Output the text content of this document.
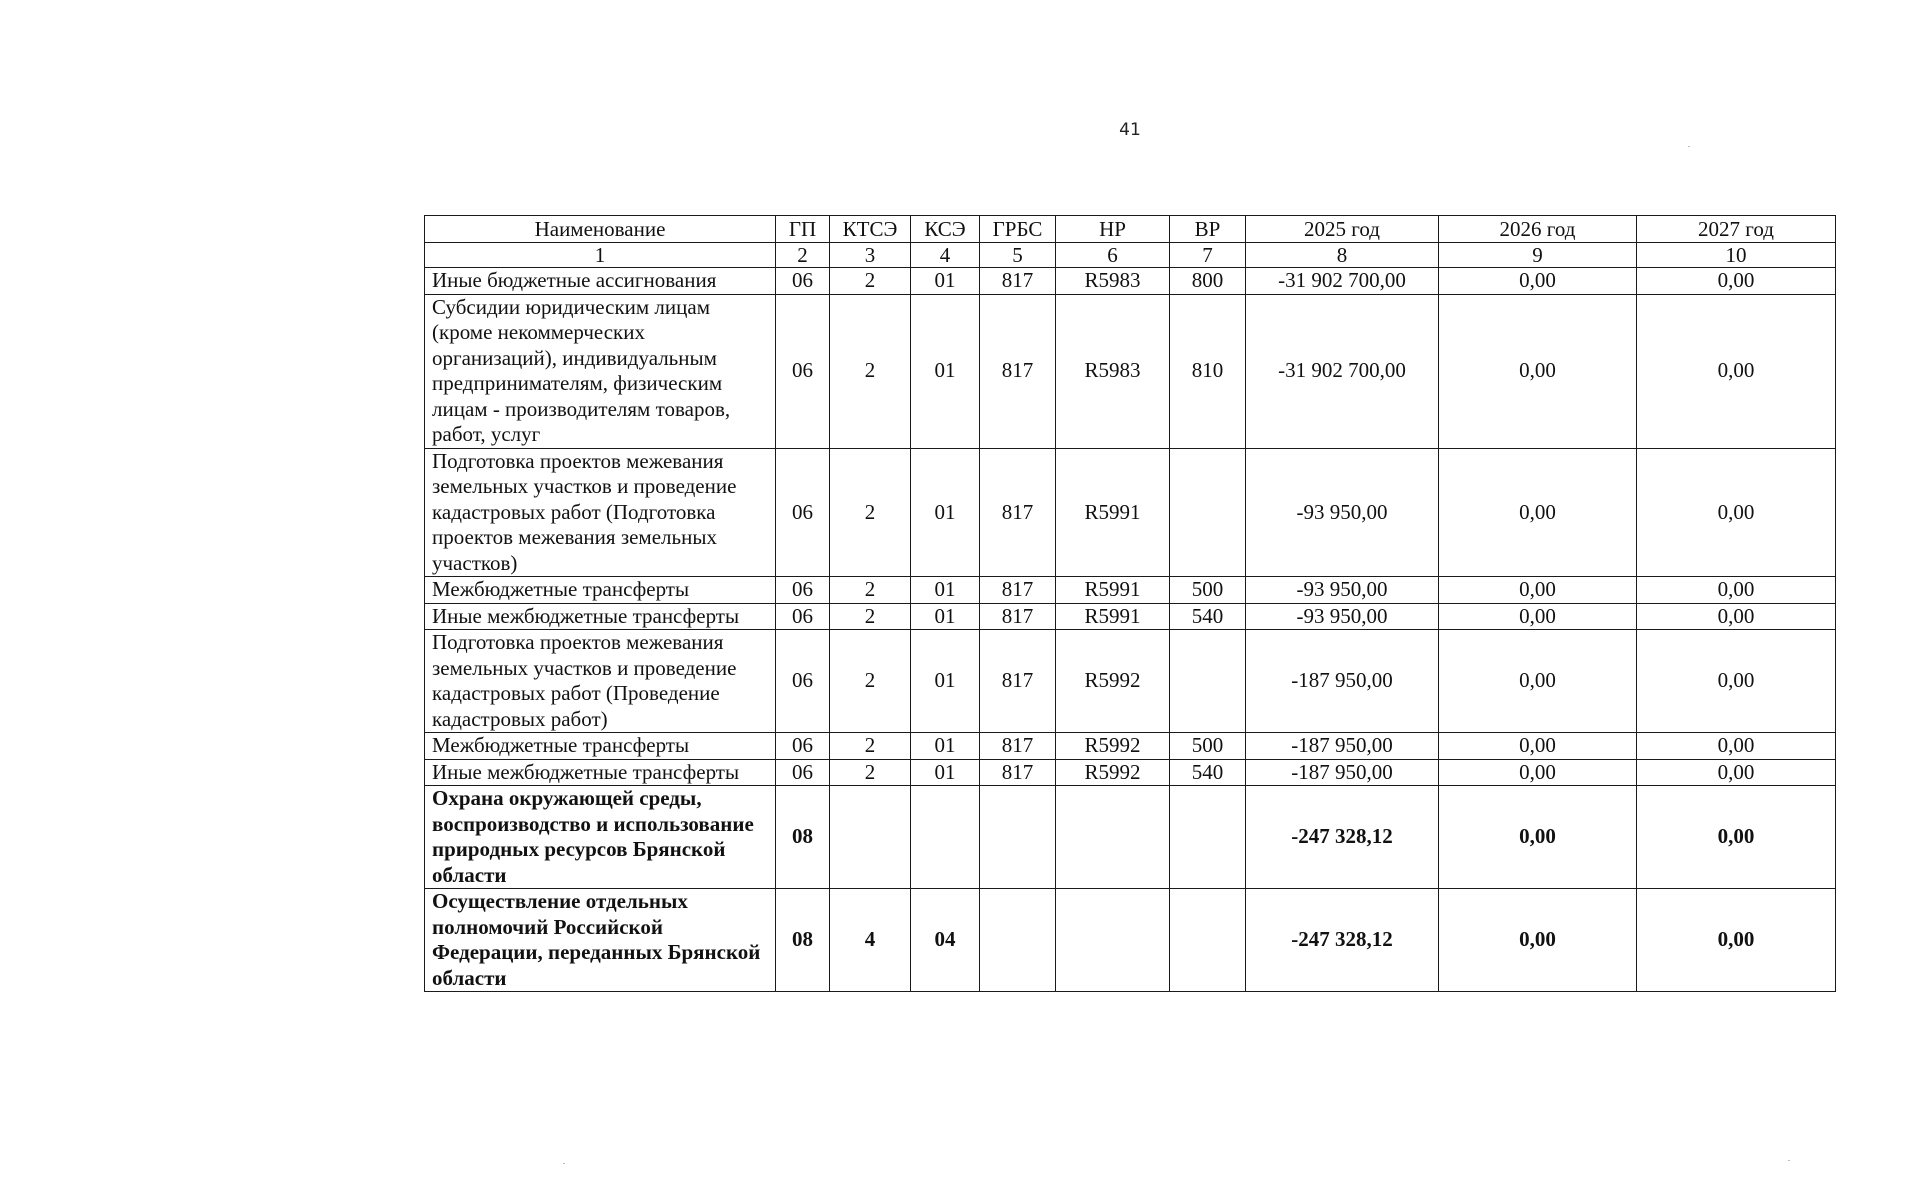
41
Наименование	ГП	КТСЭ	КСЭ	ГРБС	НР	ВР	2025 год	2026 год	2027 год
1	2	3	4	5	6	7	8	9	10
Иные бюджетные ассигнования	06	2	01	817	R5983	800	-31 902 700,00	0,00	0,00
Субсидии юридическим лицам (кроме некоммерческих организаций), индивидуальным предпринимателям, физическим лицам - производителям товаров, работ, услуг	06	2	01	817	R5983	810	-31 902 700,00	0,00	0,00
Подготовка проектов межевания земельных участков и проведение кадастровых работ (Подготовка проектов межевания земельных участков)	06	2	01	817	R5991		-93 950,00	0,00	0,00
Межбюджетные трансферты	06	2	01	817	R5991	500	-93 950,00	0,00	0,00
Иные межбюджетные трансферты	06	2	01	817	R5991	540	-93 950,00	0,00	0,00
Подготовка проектов межевания земельных участков и проведение кадастровых работ (Проведение кадастровых работ)	06	2	01	817	R5992		-187 950,00	0,00	0,00
Межбюджетные трансферты	06	2	01	817	R5992	500	-187 950,00	0,00	0,00
Иные межбюджетные трансферты	06	2	01	817	R5992	540	-187 950,00	0,00	0,00
Охрана окружающей среды, воспроизводство и использование природных ресурсов Брянской области	08						-247 328,12	0,00	0,00
Осуществление отдельных полномочий Российской Федерации, переданных Брянской области	08	4	04				-247 328,12	0,00	0,00
